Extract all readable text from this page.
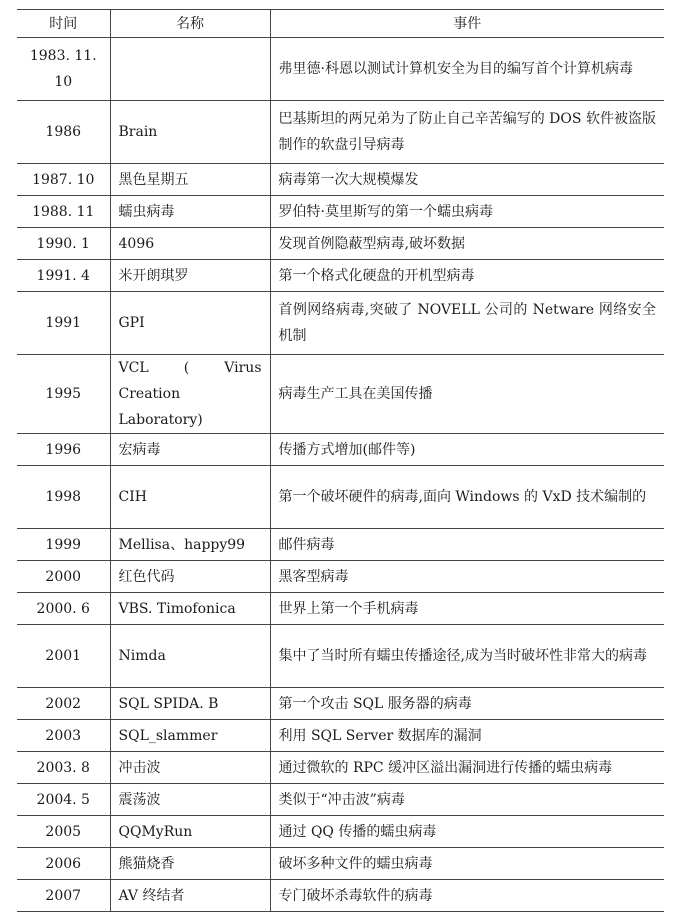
时间	名称	事件
1983. 11. 10		弗里德·科恩以测试计算机安全为目的编写首个计算机病毒
1986	Brain	巴基斯坦的两兄弟为了防止自己辛苦编写的 DOS 软件被盗版制作的软盘引导病毒
1987. 10	黑色星期五	病毒第一次大规模爆发
1988. 11	蠕虫病毒	罗伯特·莫里斯写的第一个蠕虫病毒
1990. 1	4096	发现首例隐蔽型病毒,破坏数据
1991. 4	米开朗琪罗	第一个格式化硬盘的开机型病毒
1991	GPI	首例网络病毒,突破了 NOVELL 公司的 Netware 网络安全机制
1995	VCL ( Virus Creation Laboratory)	病毒生产工具在美国传播
1996	宏病毒	传播方式增加(邮件等)
1998	CIH	第一个破坏硬件的病毒,面向 Windows 的 VxD 技术编制的
1999	Mellisa、happy99	邮件病毒
2000	红色代码	黑客型病毒
2000. 6	VBS. Timofonica	世界上第一个手机病毒
2001	Nimda	集中了当时所有蠕虫传播途径,成为当时破坏性非常大的病毒
2002	SQL SPIDA. B	第一个攻击 SQL 服务器的病毒
2003	SQL_slammer	利用 SQL Server 数据库的漏洞
2003. 8	冲击波	通过微软的 RPC 缓冲区溢出漏洞进行传播的蠕虫病毒
2004. 5	震荡波	类似于“冲击波”病毒
2005	QQMyRun	通过 QQ 传播的蠕虫病毒
2006	熊猫烧香	破坏多种文件的蠕虫病毒
2007	AV 终结者	专门破坏杀毒软件的病毒
